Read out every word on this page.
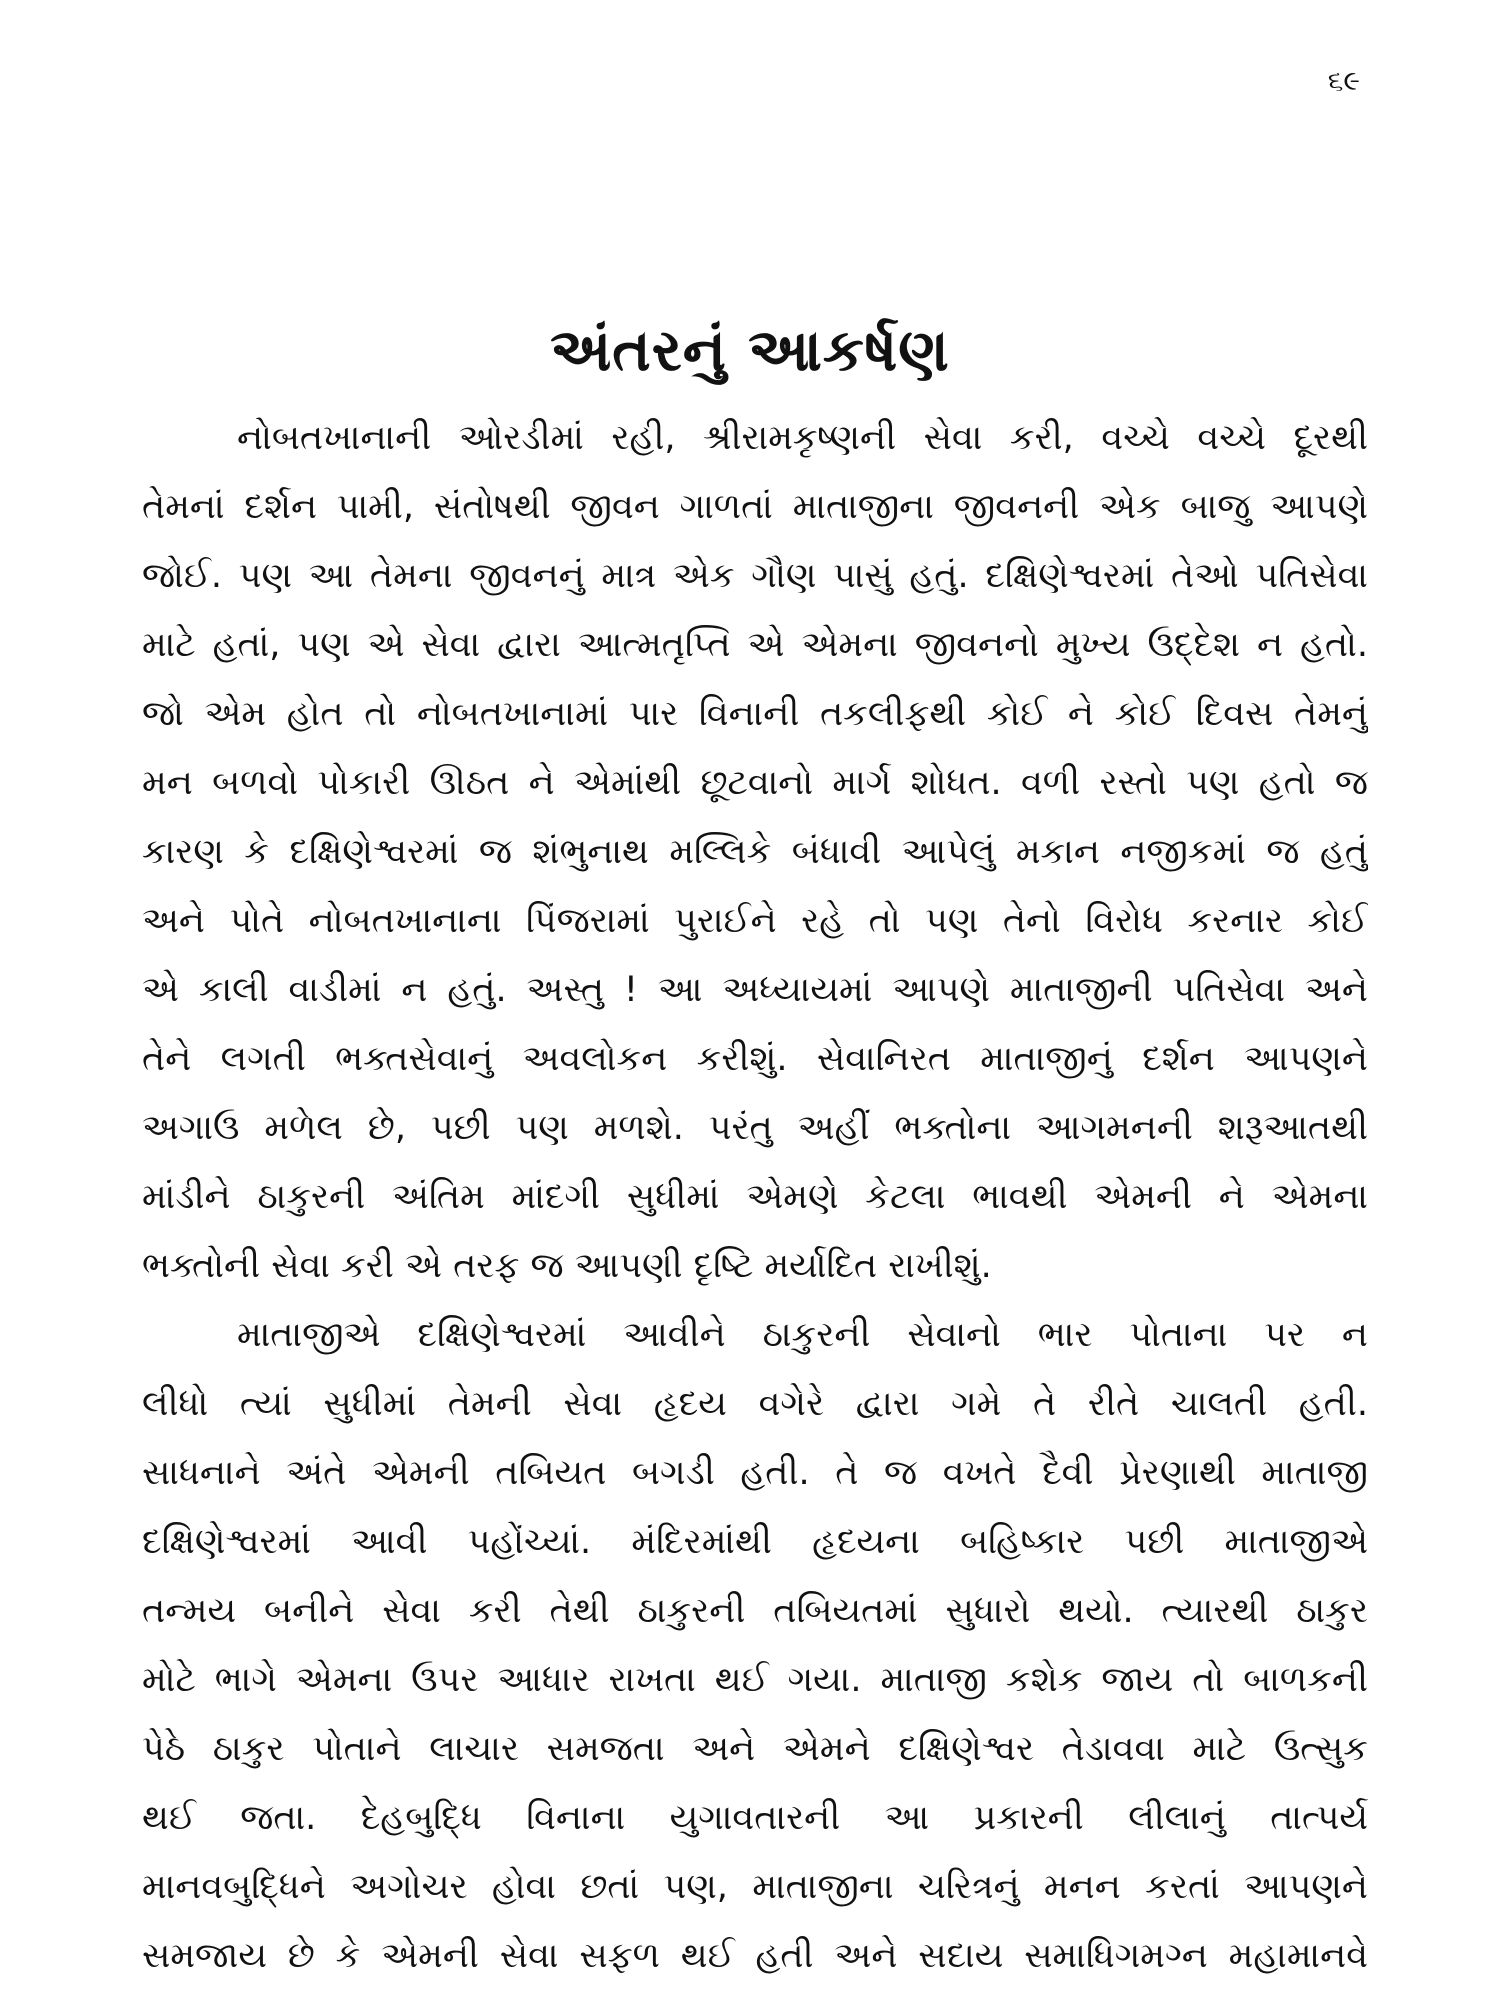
૬૯
અંતરનું આકર્ષણ
નોબતખાનાની ઓરડીમાં રહી, શ્રીરામકૃષ્ણની સેવા કરી, વચ્ચે વચ્ચે દૂરથી
તેમનાં દર્શન પામી, સંતોષથી જીવન ગાળતાં માતાજીના જીવનની એક બાજુ આપણે
જોઈ. પણ આ તેમના જીવનનું માત્ર એક ગૌણ પાસું હતું. દક્ષિણેશ્વરમાં તેઓ પતિસેવા
માટે હતાં, પણ એ સેવા દ્વારા આત્મતૃપ્તિ એ એમના જીવનનો મુખ્ય ઉદ્દેશ ન હતો.
જો એમ હોત તો નોબતખાનામાં પાર વિનાની તકલીફથી કોઈ ને કોઈ દિવસ તેમનું
મન બળવો પોકારી ઊઠત ને એમાંથી છૂટવાનો માર્ગ શોધત. વળી રસ્તો પણ હતો જ
કારણ કે દક્ષિણેશ્વરમાં જ શંભુનાથ મલ્લિકે બંધાવી આપેલું મકાન નજીકમાં જ હતું
અને પોતે નોબતખાનાના પિંજરામાં પુરાઈને રહે તો પણ તેનો વિરોધ કરનાર કોઈ
એ કાલી વાડીમાં ન હતું. અસ્તુ ! આ અધ્યાયમાં આપણે માતાજીની પતિસેવા અને
તેને લગતી ભક્તસેવાનું અવલોકન કરીશું. સેવાનિરત માતાજીનું દર્શન આપણને
અગાઉ મળેલ છે, પછી પણ મળશે. પરંતુ અહીં ભક્તોના આગમનની શરૂઆતથી
માંડીને ઠાકુરની અંતિમ માંદગી સુધીમાં એમણે કેટલા ભાવથી એમની ને એમના
ભક્તોની સેવા કરી એ તરફ જ આપણી દૃષ્ટિ મર્યાદિત રાખીશું.
માતાજીએ દક્ષિણેશ્વરમાં આવીને ઠાકુરની સેવાનો ભાર પોતાના પર ન
લીધો ત્યાં સુધીમાં તેમની સેવા હૃદય વગેરે દ્વારા ગમે તે રીતે ચાલતી હતી.
સાધનાને અંતે એમની તબિયત બગડી હતી. તે જ વખતે દૈવી પ્રેરણાથી માતાજી
દક્ષિણેશ્વરમાં આવી પહોંચ્યાં. મંદિરમાંથી હૃદયના બહિષ્કાર પછી માતાજીએ
તન્મય બનીને સેવા કરી તેથી ઠાકુરની તબિયતમાં સુધારો થયો. ત્યારથી ઠાકુર
મોટે ભાગે એમના ઉપર આધાર રાખતા થઈ ગયા. માતાજી કશેક જાય તો બાળકની
પેઠે ઠાકુર પોતાને લાચાર સમજતા અને એમને દક્ષિણેશ્વર તેડાવવા માટે ઉત્સુક
થઈ જતા. દેહબુદ્ધિ વિનાના યુગાવતારની આ પ્રકારની લીલાનું તાત્પર્ય
માનવબુદ્ધિને અગોચર હોવા છતાં પણ, માતાજીના ચરિત્રનું મનન કરતાં આપણને
સમજાય છે કે એમની સેવા સફળ થઈ હતી અને સદાય સમાધિગમગ્ન મહામાનવે
